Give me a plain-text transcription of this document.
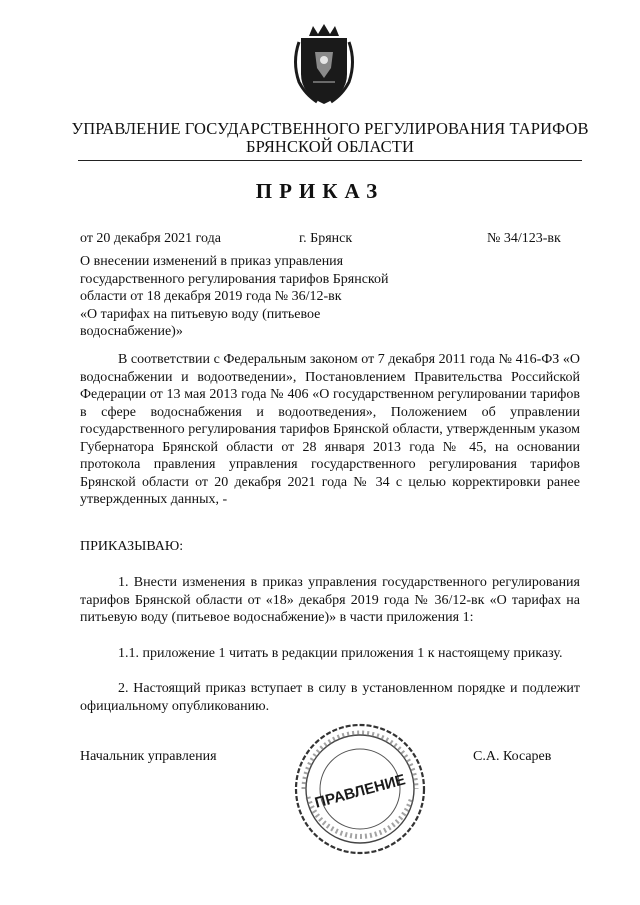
УПРАВЛЕНИЕ ГОСУДАРСТВЕННОГО РЕГУЛИРОВАНИЯ ТАРИФОВ
БРЯНСКОЙ ОБЛАСТИ
ПРИКАЗ
от 20 декабря 2021 года	г. Брянск	№ 34/123-вк
О внесении изменений в приказ управления
государственного регулирования тарифов Брянской
области от 18 декабря 2019 года № 36/12-вк
«О тарифах на питьевую воду (питьевое
водоснабжение)»
В соответствии с Федеральным законом от 7 декабря 2011 года № 416-ФЗ «О водоснабжении и водоотведении», Постановлением Правительства Российской Федерации от 13 мая 2013 года № 406 «О государственном регулировании тарифов в сфере водоснабжения и водоотведения», Положением об управлении государственного регулирования тарифов Брянской области, утвержденным указом Губернатора Брянской области от 28 января 2013 года № 45, на основании протокола правления управления государственного регулирования тарифов Брянской области от 20 декабря 2021 года № 34 с целью корректировки ранее утвержденных данных, -
ПРИКАЗЫВАЮ:
1. Внести изменения в приказ управления государственного регулирования тарифов Брянской области от «18» декабря 2019 года № 36/12-вк «О тарифах на питьевую воду (питьевое водоснабжение)» в части приложения 1:
1.1. приложение 1 читать в редакции приложения 1 к настоящему приказу.
2. Настоящий приказ вступает в силу в установленном порядке и подлежит официальному опубликованию.
Начальник управления	С.А. Косарев
ПРАВЛЕНИЕ
